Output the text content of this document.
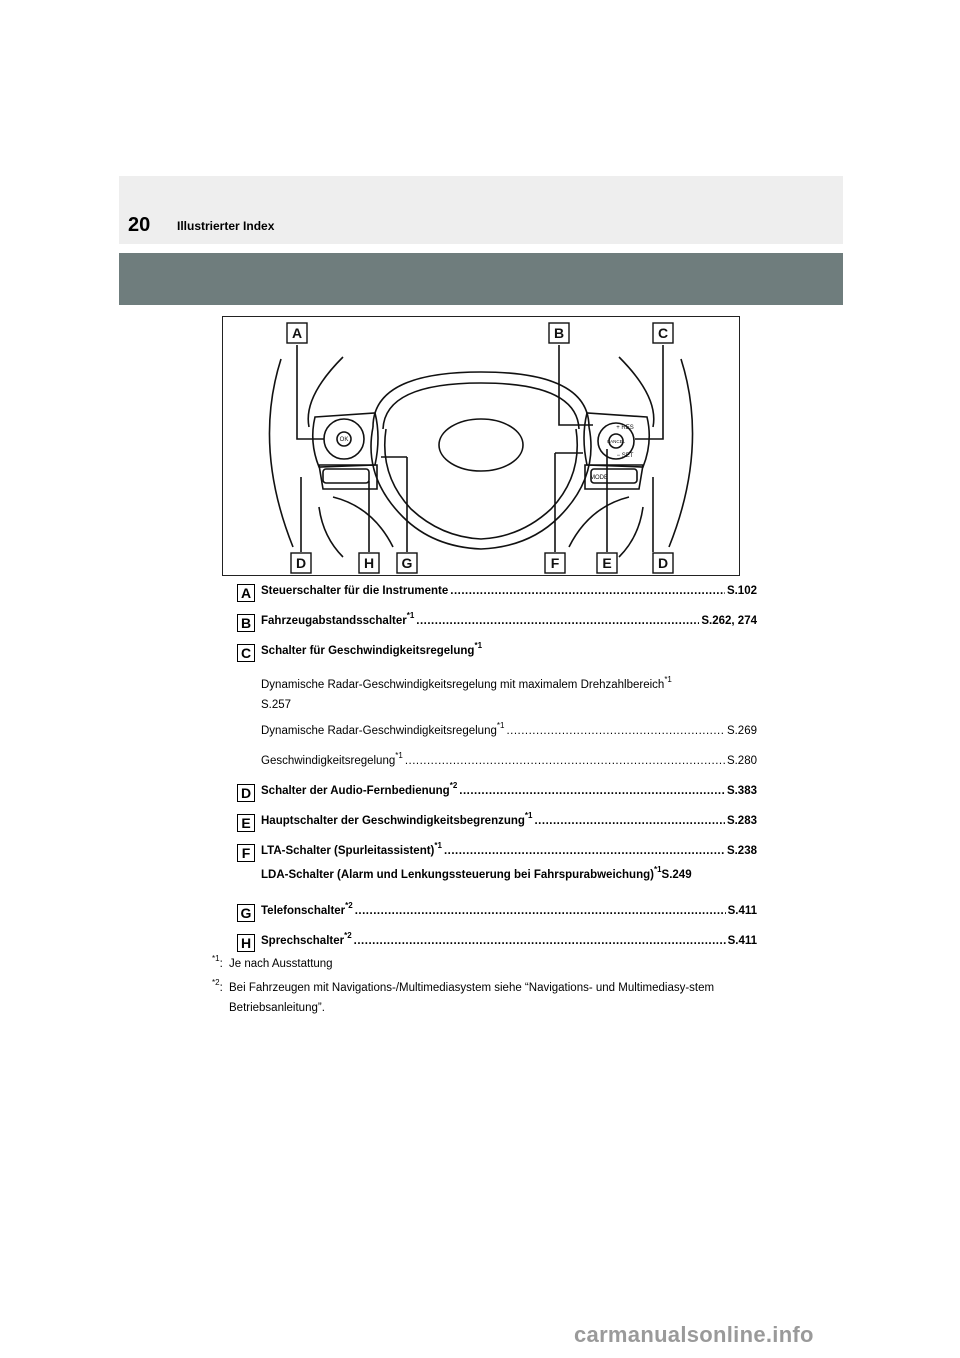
20 Illustrierter Index
OK
+ RES
CANCEL
− SET
MODE
A	B	C
D	H G	F	E	D
A Steuerschalter für die Instrumente .....	S.102
B Fahrzeugabstandsschalter$^{*1}$ .....	S.262, 274
C Schalter für Geschwindigkeitsregelung$^{*1}$
Dynamische Radar-Geschwindigkeitsregelung mit maximalem Drehzahlbereich$^{*1}$
S.257
Dynamische Radar-Geschwindigkeitsregelung$^{*1}$ .....	S.269
Geschwindigkeitsregelung$^{*1}$ .....	S.280
D Schalter der Audio-Fernbedienung$^{*2}$ .....	S.383
E Hauptschalter der Geschwindigkeitsbegrenzung$^{*1}$ .....	S.283
F LTA-Schalter (Spurleitassistent)$^{*1}$ .....	S.238
LDA-Schalter (Alarm und Lenkungssteuerung bei Fahrspurabweichung)$^{*1}$ S.249
G Telefonschalter$^{*2}$ .....	S.411
H Sprechschalter$^{*2}$ .....	S.411
$^{*1}$: Je nach Ausstattung
$^{*2}$: Bei Fahrzeugen mit Navigations-/Multimediasystem siehe “Navigations- und Multimediasy-stem Betriebsanleitung”.
carmanualsonline.info
